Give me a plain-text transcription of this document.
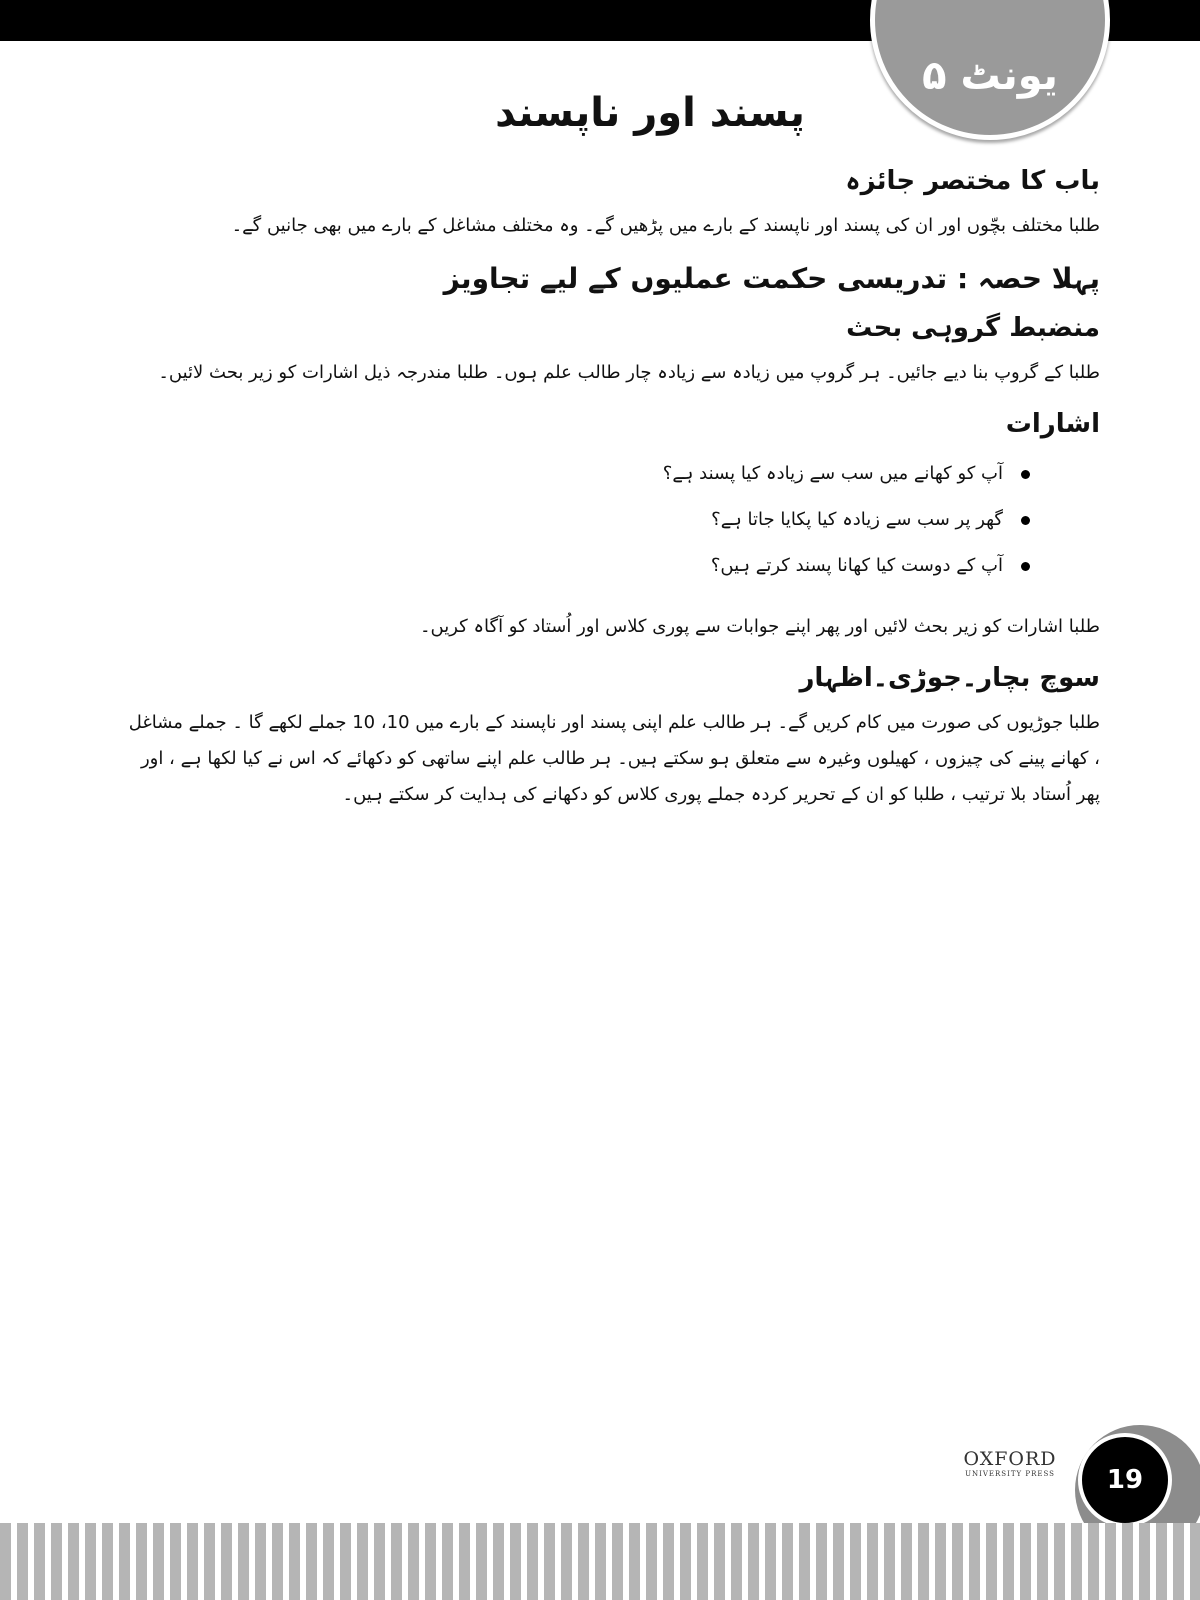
یونٹ ۵
پسند اور ناپسند
باب کا مختصر جائزہ

طلبا مختلف بچّوں اور ان کی پسند اور ناپسند کے بارے میں پڑھیں گے۔ وہ مختلف مشاغل کے بارے میں بھی جانیں گے۔

پہلا حصہ : تدریسی حکمت عملیوں کے لیے تجاویز
منضبط گروہی بحث

طلبا کے گروپ بنا دیے جائیں۔ ہر گروپ میں زیادہ سے زیادہ چار طالب علم ہوں۔ طلبا مندرجہ ذیل اشارات کو زیر بحث لائیں۔

اشارات
آپ کو کھانے میں سب سے زیادہ کیا پسند ہے؟
گھر پر سب سے زیادہ کیا پکایا جاتا ہے؟
آپ کے دوست کیا کھانا پسند کرتے ہیں؟

طلبا اشارات کو زیر بحث لائیں اور پھر اپنے جوابات سے پوری کلاس اور اُستاد کو آگاہ کریں۔

سوچ بچار۔جوڑی۔اظہار

طلبا جوڑیوں کی صورت میں کام کریں گے۔ ہر طالب علم اپنی پسند اور ناپسند کے بارے میں 10، 10 جملے لکھے گا ۔ جملے مشاغل ، کھانے پینے کی چیزوں ، کھیلوں وغیرہ سے متعلق ہو سکتے ہیں۔ ہر طالب علم اپنے ساتھی کو دکھائے کہ اس نے کیا لکھا ہے ، اور پھر اُستاد بلا ترتیب ، طلبا کو ان کے تحریر کردہ جملے پوری کلاس کو دکھانے کی ہدایت کر سکتے ہیں۔

OXFORD
UNIVERSITY PRESS	19
